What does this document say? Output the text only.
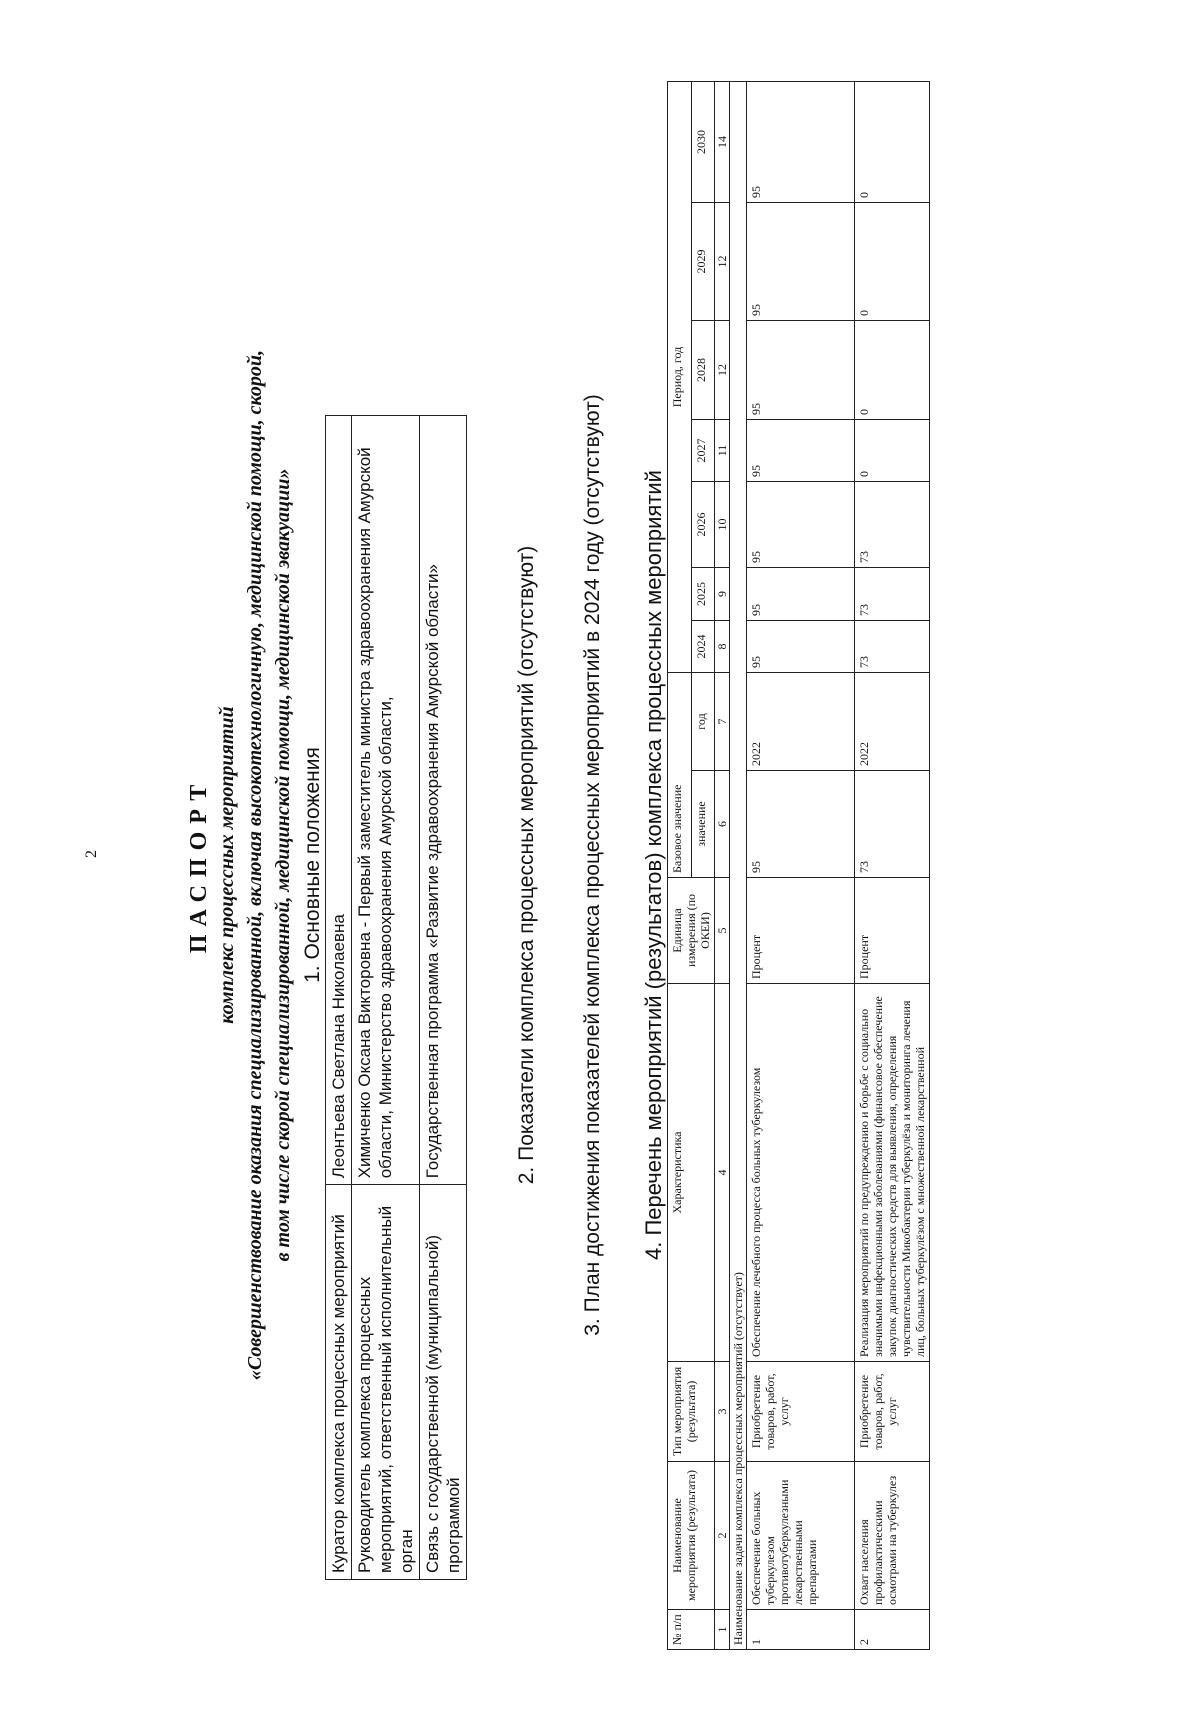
2	ПАСПОРТ комплекс процессных мероприятий «Совершенствование оказания специализированной, включая высокотехнологичную, медицинской помощи, скорой, в том числе скорой специализированной, медицинской помощи, медицинской эвакуации» 1. Основные положения
Куратор комплекса процессных мероприятий	Леонтьева Светлана Николаевна
Руководитель комплекса процессных мероприятий, ответственный исполнительный орган	Химиченко Оксана Викторовна - Первый заместитель министра здравоохранения Амурской области, Министерство здравоохранения Амурской области,
Связь с государственной (муниципальной) программой	Государственная программа «Развитие здравоохранения Амурской области»	2. Показатели комплекса процессных мероприятий (отсутствуют) 3. План достижения показателей комплекса процессных мероприятий в 2024 году (отсутствуют) 4. Перечень мероприятий (результатов) комплекса процессных мероприятий
№ п/п	Наименование мероприятия (результата)	Тип мероприятия (результата)	Характеристика	Единица измерения (по ОКЕИ)	Базовое значение		Период, год						
					значение	год	2024	2025	2026	2027	2028	2029	2030
1	2	3	4	5	6	7	8	9	10	11	12	12	14
Наименование задачи комплекса процессных мероприятий (отсутствует)													
1	Обеспечение больных туберкулезом противотуберкулезными лекарственными препаратами	Приобретение товаров, работ, услуг	Обеспечение лечебного процесса больных туберкулезом	Процент	95	2022	95	95	95	95	95	95	95
2	Охват населения профилактическими осмотрами на туберкулез	Приобретение товаров, работ, услуг	Реализация мероприятий по предупреждению и борьбе с социально значимыми инфекционными заболеваниями (финансовое обеспечение закупок диагностических средств для выявления, определения чувствительности Микобактерии туберкулёза и мониторинга лечения лиц, больных туберкулёзом с множественной лекарственной	Процент	73	2022	73	73	73	0	0	0	0
